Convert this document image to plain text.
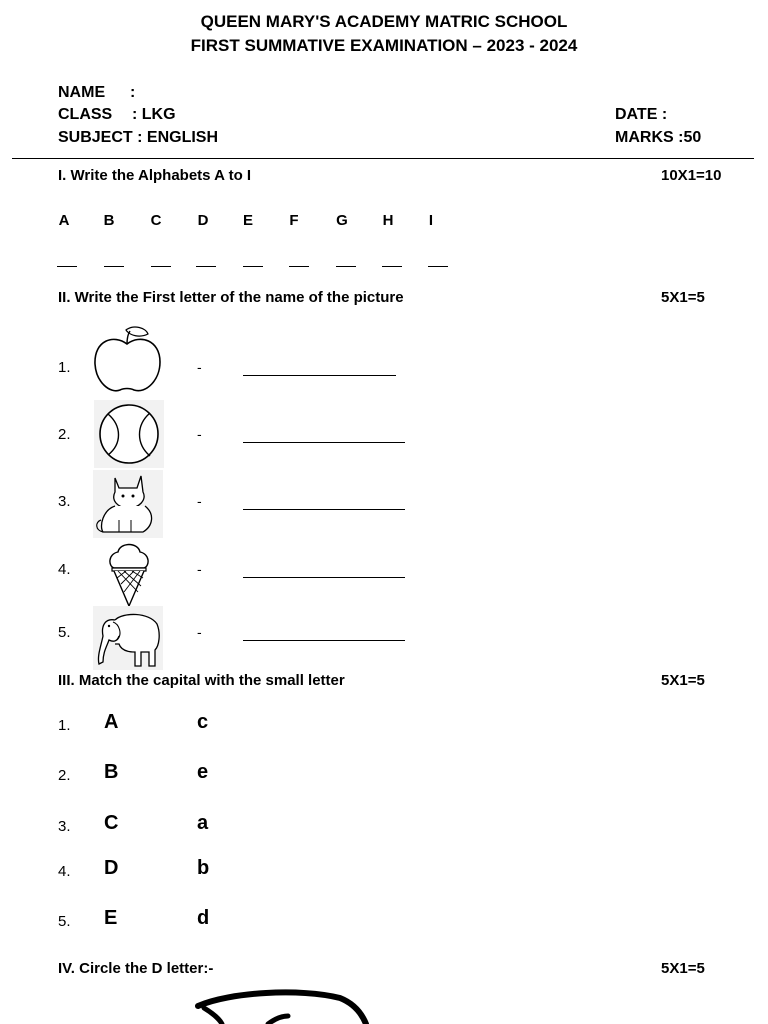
QUEEN MARY'S ACADEMY MATRIC SCHOOL
FIRST SUMMATIVE EXAMINATION – 2023 - 2024
NAME :
CLASS : LKG
SUBJECT : ENGLISH
DATE :
MARKS :50
I. Write the Alphabets A to I	10X1=10
A	B	C	D	E	F	G	H	I
II. Write the First letter of the name of the picture	5X1=5
1.	-
2.	-
3.	-
4.	-
5.	-
III. Match the capital with the small letter	5X1=5
1. A	c
2. B	e
3. C	a
4. D	b
5. E	d
IV. Circle the D letter:-	5X1=5
